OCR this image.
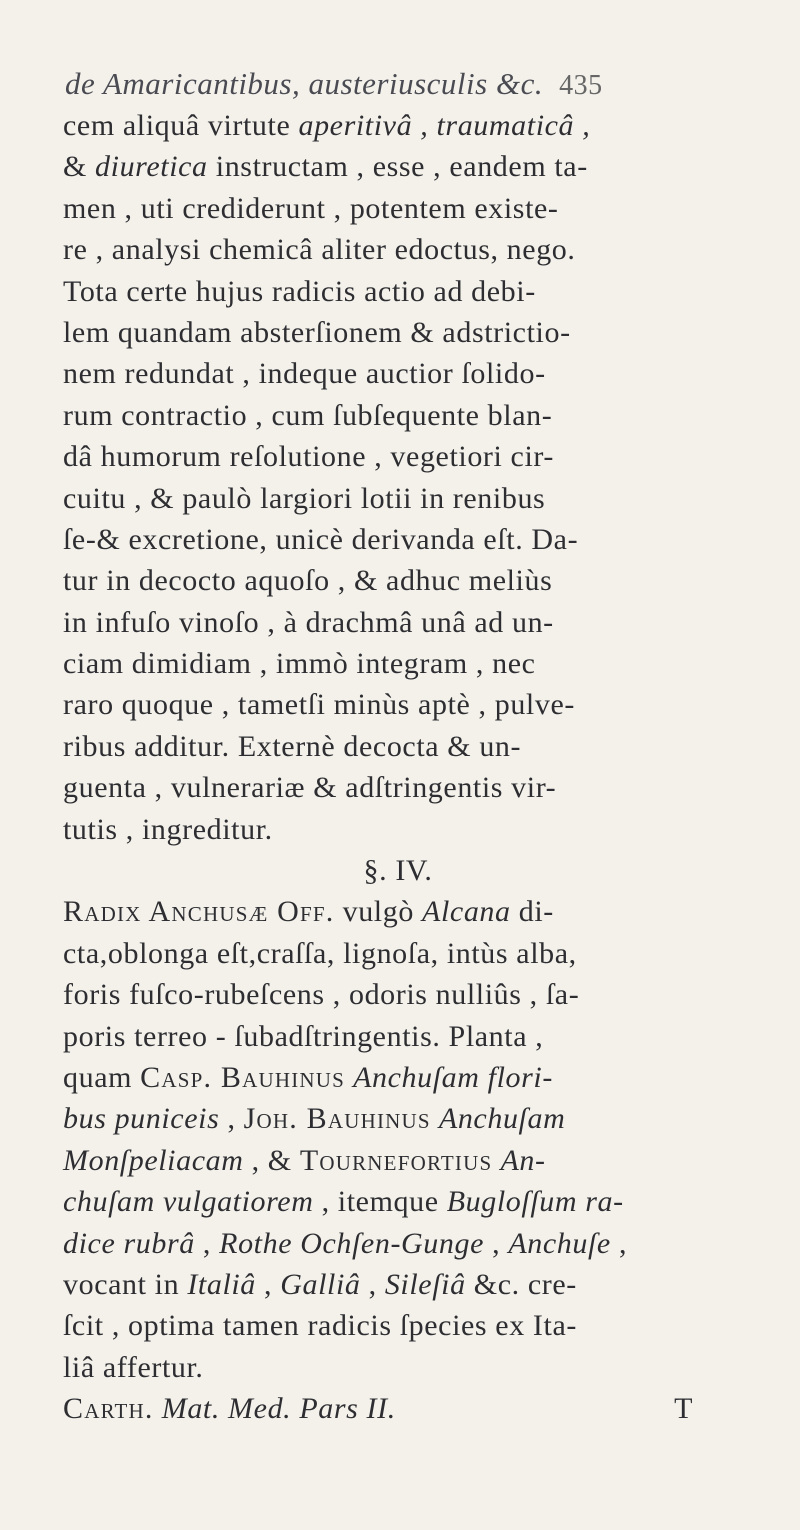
de Amaricantibus, austeriusculis &c. 435
cem aliquâ virtute aperitivâ , traumaticâ ,
& diuretica instructam , esse , eandem ta-
men , uti crediderunt , potentem existe-
re , analysi chemicâ aliter edoctus, nego.
Tota certe hujus radicis actio ad debi-
lem quandam absterſionem & adstrictio-
nem redundat , indeque auctior ſolido-
rum contractio , cum ſubſequente blan-
dâ humorum reſolutione , vegetiori cir-
cuitu , & paulò largiori lotii in renibus
ſe-& excretione, unicè derivanda eſt. Da-
tur in decocto aquoſo , & adhuc meliùs
in infuſo vinoſo , à drachmâ unâ ad un-
ciam dimidiam , immò integram , nec
raro quoque , tametſi minùs aptè , pulve-
ribus additur. Externè decocta & un-
guenta , vulnerariæ & adſtringentis vir-
tutis , ingreditur.
§. IV.
Radix Anchusæ Off. vulgò Alcana di-
cta,oblonga eſt,craſſa, lignoſa, intùs alba,
foris fuſco-rubeſcens , odoris nulliûs , ſa-
poris terreo - ſubadſtringentis. Planta ,
quam Casp. Bauhinus Anchuſam flori-
bus puniceis , Joh. Bauhinus Anchuſam
Monſpeliacam , & Tournefortius An-
chuſam vulgatiorem , itemque Bugloſſum ra-
dice rubrâ , Rothe Ochſen-Gunge , Anchuſe ,
vocant in Italiâ , Galliâ , Sileſiâ &c. cre-
ſcit , optima tamen radicis ſpecies ex Ita-
liâ affertur.
Carth. Mat. Med. Pars II.	T
